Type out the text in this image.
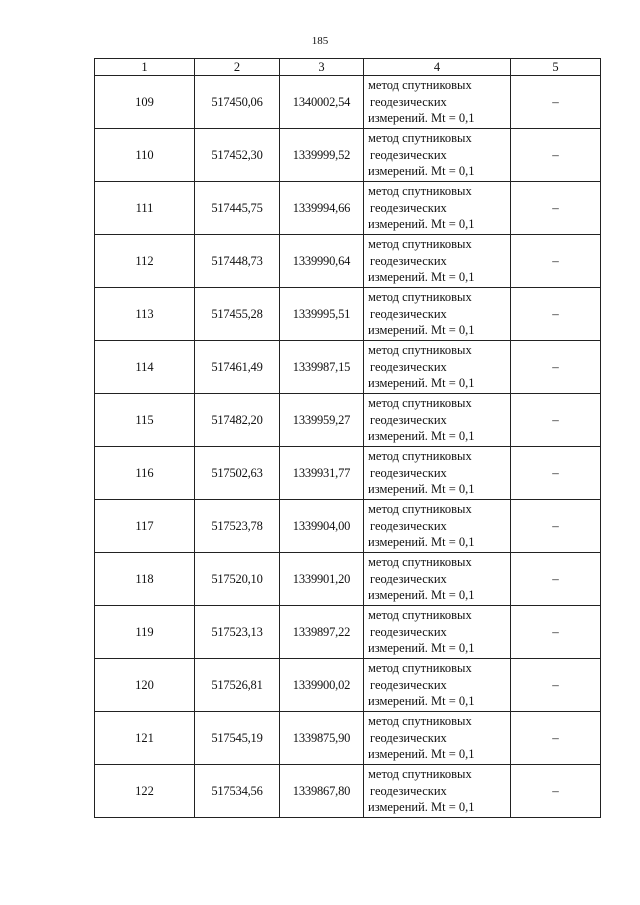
185
1	2	3	4	5
109	517450,06	1340002,54	метод спутниковых
геодезических
измерений. Mt = 0,1	–
110	517452,30	1339999,52	метод спутниковых
геодезических
измерений. Mt = 0,1	–
111	517445,75	1339994,66	метод спутниковых
геодезических
измерений. Mt = 0,1	–
112	517448,73	1339990,64	метод спутниковых
геодезических
измерений. Mt = 0,1	–
113	517455,28	1339995,51	метод спутниковых
геодезических
измерений. Mt = 0,1	–
114	517461,49	1339987,15	метод спутниковых
геодезических
измерений. Mt = 0,1	–
115	517482,20	1339959,27	метод спутниковых
геодезических
измерений. Mt = 0,1	–
116	517502,63	1339931,77	метод спутниковых
геодезических
измерений. Mt = 0,1	–
117	517523,78	1339904,00	метод спутниковых
геодезических
измерений. Mt = 0,1	–
118	517520,10	1339901,20	метод спутниковых
геодезических
измерений. Mt = 0,1	–
119	517523,13	1339897,22	метод спутниковых
геодезических
измерений. Mt = 0,1	–
120	517526,81	1339900,02	метод спутниковых
геодезических
измерений. Mt = 0,1	–
121	517545,19	1339875,90	метод спутниковых
геодезических
измерений. Mt = 0,1	–
122	517534,56	1339867,80	метод спутниковых
геодезических
измерений. Mt = 0,1	–
